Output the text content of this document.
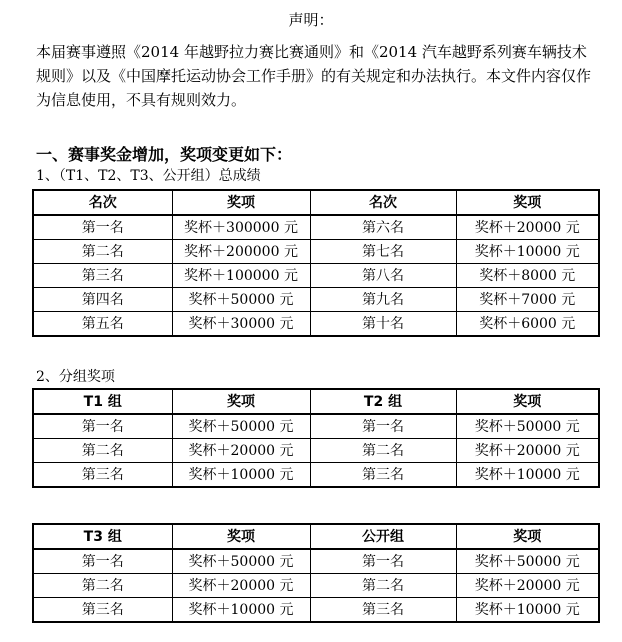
声明：
本届赛事遵照《2014 年越野拉力赛比赛通则》和《2014 汽车越野系列赛车辆技术规则》以及《中国摩托运动协会工作手册》的有关规定和办法执行。本文件内容仅作为信息使用，不具有规则效力。
一、赛事奖金增加，奖项变更如下：
1、（T1、T2、T3、公开组）总成绩
名次	奖项	名次	奖项
第一名	奖杯＋300000 元	第六名	奖杯＋20000 元
第二名	奖杯＋200000 元	第七名	奖杯＋10000 元
第三名	奖杯＋100000 元	第八名	奖杯＋8000 元
第四名	奖杯＋50000 元	第九名	奖杯＋7000 元
第五名	奖杯＋30000 元	第十名	奖杯＋6000 元
2、分组奖项
T1 组	奖项	T2 组	奖项
第一名	奖杯＋50000 元	第一名	奖杯＋50000 元
第二名	奖杯＋20000 元	第二名	奖杯＋20000 元
第三名	奖杯＋10000 元	第三名	奖杯＋10000 元
T3 组	奖项	公开组	奖项
第一名	奖杯＋50000 元	第一名	奖杯＋50000 元
第二名	奖杯＋20000 元	第二名	奖杯＋20000 元
第三名	奖杯＋10000 元	第三名	奖杯＋10000 元
